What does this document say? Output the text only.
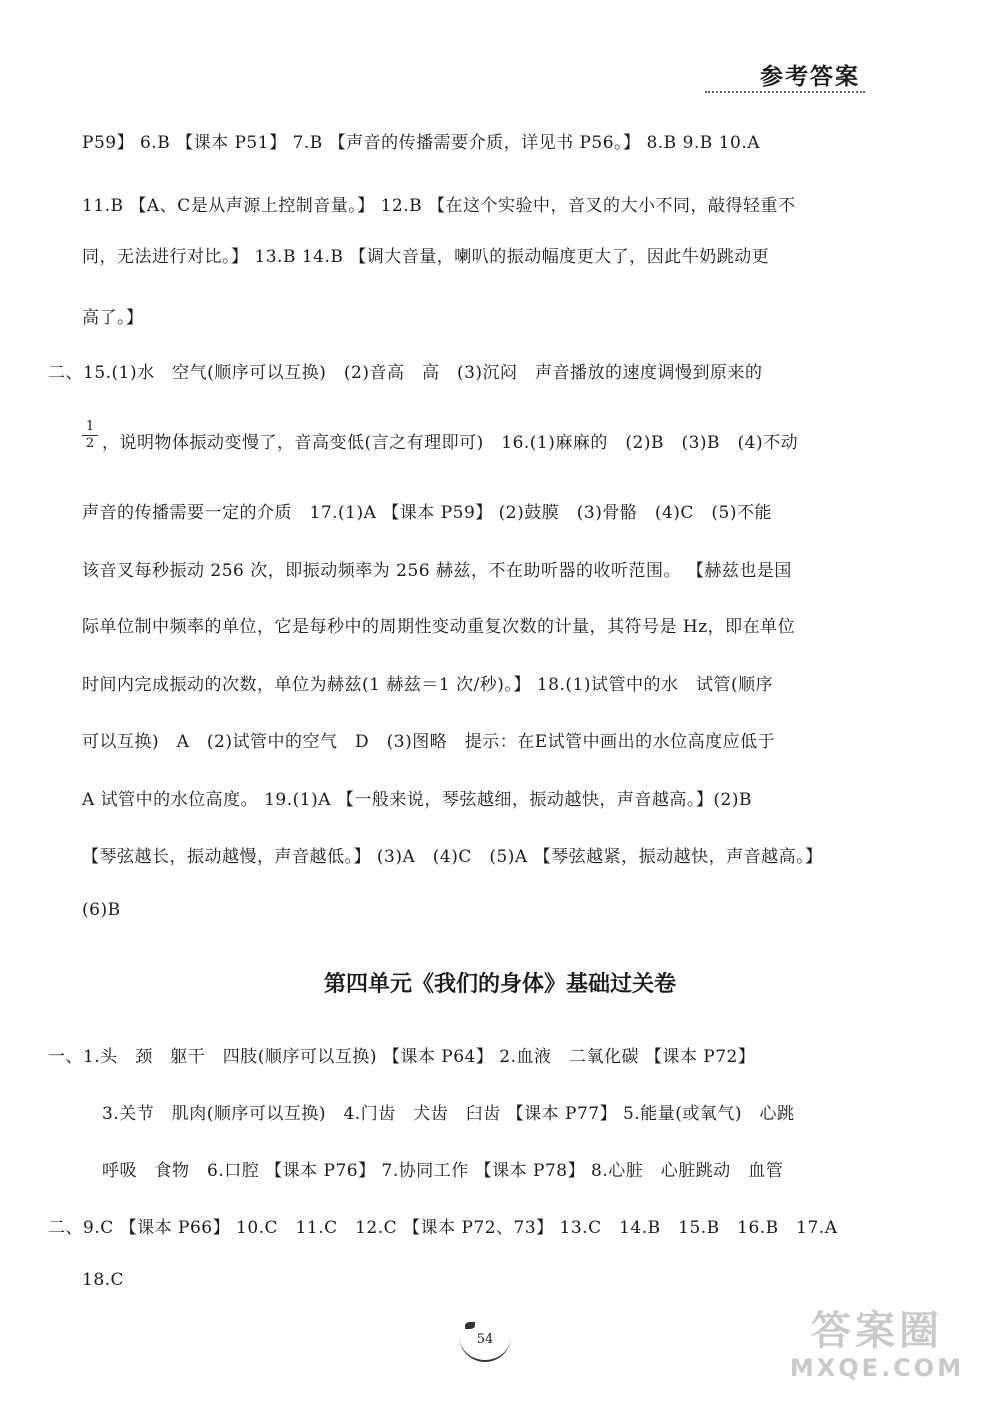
参考答案
P59】 6.B 【课本 P51】 7.B 【声音的传播需要介质，详见书 P56。】 8.B 9.B 10.A
11.B 【A、C是从声源上控制音量。】 12.B 【在这个实验中，音叉的大小不同，敲得轻重不
同，无法进行对比。】 13.B 14.B 【调大音量，喇叭的振动幅度更大了，因此牛奶跳动更
高了。】
二、15.(1)水　空气(顺序可以互换)　(2)音高　高　(3)沉闷　声音播放的速度调慢到原来的
1
2 ，说明物体振动变慢了，音高变低(言之有理即可)　16.(1)麻麻的　(2)B　(3)B　(4)不动
声音的传播需要一定的介质　17.(1)A 【课本 P59】 (2)鼓膜　(3)骨骼　(4)C　(5)不能
该音叉每秒振动 256 次，即振动频率为 256 赫兹，不在助听器的收听范围。 【赫兹也是国
际单位制中频率的单位，它是每秒中的周期性变动重复次数的计量，其符号是 Hz，即在单位
时间内完成振动的次数，单位为赫兹(1 赫兹＝1 次/秒)。】 18.(1)试管中的水　试管(顺序
可以互换)　A　(2)试管中的空气　D　(3)图略　提示：在E试管中画出的水位高度应低于
A 试管中的水位高度。 19.(1)A 【一般来说，琴弦越细，振动越快，声音越高。】(2)B
【琴弦越长，振动越慢，声音越低。】 (3)A　(4)C　(5)A 【琴弦越紧，振动越快，声音越高。】
(6)B
第四单元《我们的身体》基础过关卷
一、1.头　颈　躯干　四肢(顺序可以互换) 【课本 P64】 2.血液　二氧化碳 【课本 P72】
3.关节　肌肉(顺序可以互换)　4.门齿　犬齿　臼齿 【课本 P77】 5.能量(或氧气)　心跳
呼吸　食物　6.口腔 【课本 P76】 7.协同工作 【课本 P78】 8.心脏　心脏跳动　血管
二、9.C 【课本 P66】 10.C　11.C　12.C 【课本 P72、73】 13.C　14.B　15.B　16.B　17.A
18.C
54	答案圈
MXQE.COM
